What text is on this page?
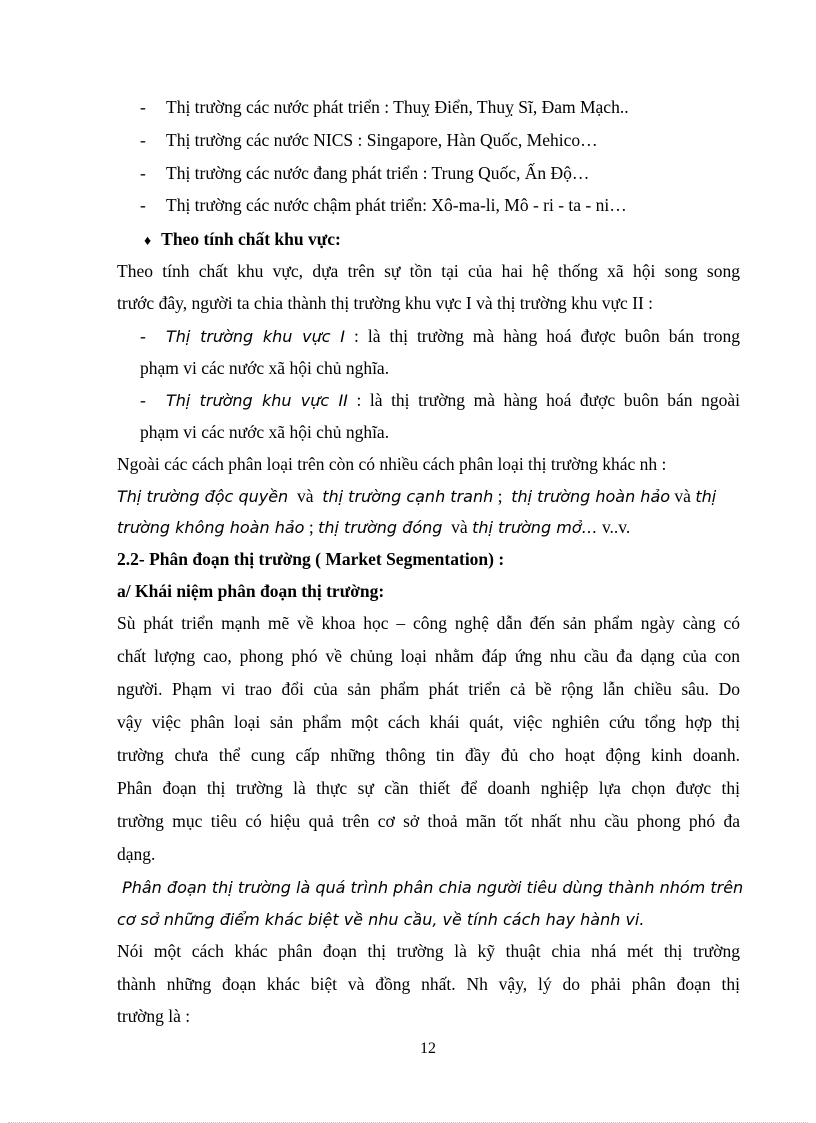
- Thị trường các nước phát triển : Thuỵ Điển, Thuỵ Sĩ, Đam Mạch..
- Thị trường các nước NICS : Singapore, Hàn Quốc, Mehico…
- Thị trường các nước đang phát triển : Trung Quốc, Ấn Độ…
- Thị trường các nước chậm phát triển: Xô-ma-li, Mô - ri - ta - ni…
♦ Theo tính chất khu vực:
Theo tính chất khu vực, dựa trên sự tồn tại của hai hệ thống xã hội song song
trước đây, người ta chia thành thị trường khu vực I và thị trường khu vực II :
- Thị trường khu vực I : là thị trường mà hàng hoá được buôn bán trong
phạm vi các nước xã hội chủ nghĩa.
- Thị trường khu vực II : là thị trường mà hàng hoá được buôn bán ngoài
phạm vi các nước xã hội chủ nghĩa.
Ngoài các cách phân loại trên còn có nhiều cách phân loại thị trường khác nh :
Thị trường độc quyền  và  thị trường cạnh tranh ;  thị trường hoàn hảo và thị
trường không hoàn hảo ; thị trường đóng  và thị trường mở… v..v.
2.2- Phân đoạn thị trường ( Market Segmentation) :
a/ Khái niệm phân đoạn thị trường:
Sù phát triển mạnh mẽ về khoa học – công nghệ dẫn đến sản phẩm ngày càng có
chất lượng cao, phong phó về chủng loại nhằm đáp ứng nhu cầu đa dạng của con
người. Phạm vi trao đổi của sản phẩm phát triển cả bề rộng lẫn chiều sâu. Do
vậy việc phân loại sản phẩm một cách khái quát, việc nghiên cứu tổng hợp thị
trường chưa thể cung cấp những thông tin đầy đủ cho hoạt động kinh doanh.
Phân đoạn thị trường là thực sự cần thiết để doanh nghiệp lựa chọn được thị
trường mục tiêu có hiệu quả trên cơ sở thoả mãn tốt nhất nhu cầu phong phó đa
dạng.
Phân đoạn thị trường là quá trình phân chia người tiêu dùng thành nhóm trên
cơ sở những điểm khác biệt về nhu cầu, về tính cách hay hành vi.
Nói một cách khác phân đoạn thị trường là kỹ thuật chia nhá mét thị trường
thành những đoạn khác biệt và đồng nhất. Nh vậy, lý do phải phân đoạn thị
trường là :
12
